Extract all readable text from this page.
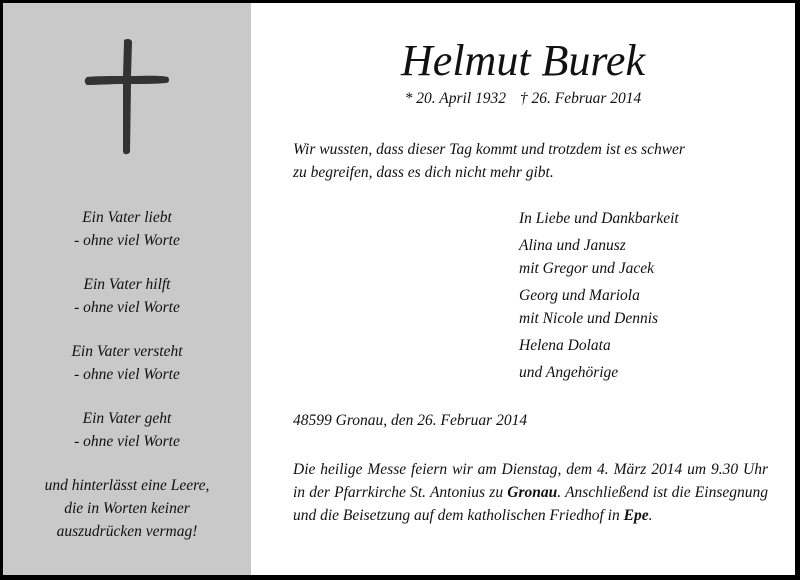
Ein Vater liebt
- ohne viel Worte
Ein Vater hilft
- ohne viel Worte
Ein Vater versteht
- ohne viel Worte
Ein Vater geht
- ohne viel Worte
und hinterlässt eine Leere,
die in Worten keiner
auszudrücken vermag!
Helmut Burek
* 20. April 1932 † 26. Februar 2014
Wir wussten, dass dieser Tag kommt und trotzdem ist es schwer
zu begreifen, dass es dich nicht mehr gibt.
In Liebe und Dankbarkeit
Alina und Janusz
mit Gregor und Jacek
Georg und Mariola
mit Nicole und Dennis
Helena Dolata
und Angehörige
48599 Gronau, den 26. Februar 2014
Die heilige Messe feiern wir am Dienstag, dem 4. März 2014 um 9.30 Uhr in der Pfarrkirche St. Antonius zu Gronau. Anschließend ist die Einsegnung und die Beisetzung auf dem katholischen Friedhof in Epe.
